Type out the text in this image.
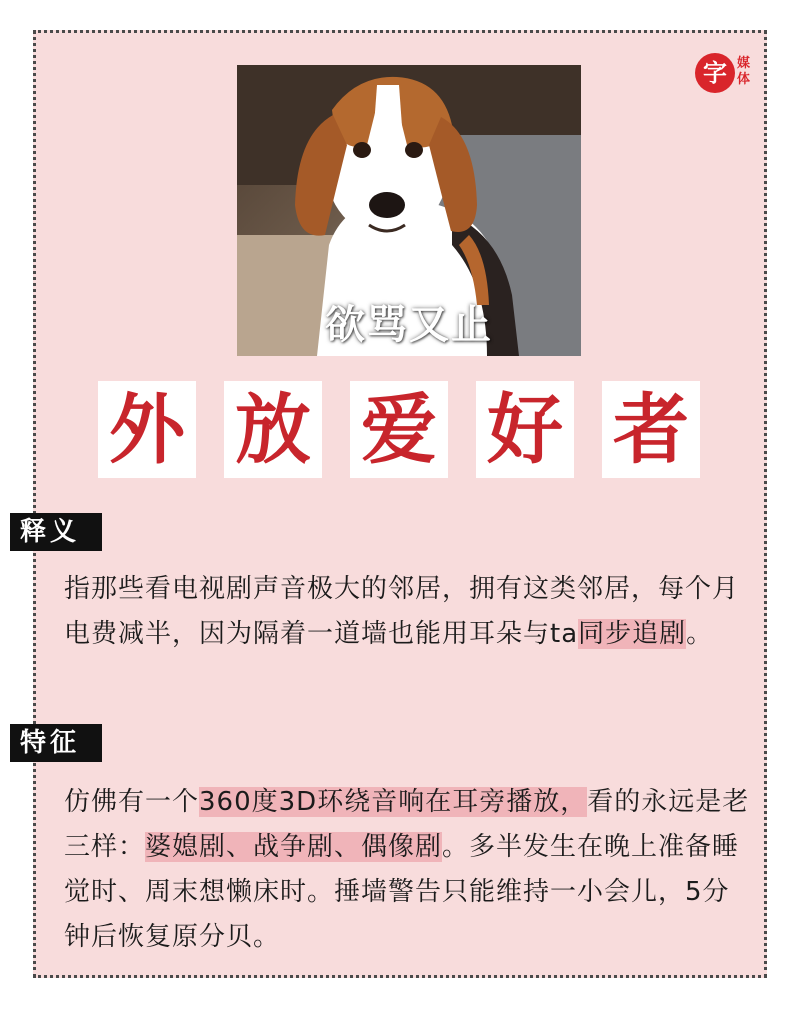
字 媒体
欲骂又止
外 放 爱 好 者
释义
指那些看电视剧声音极大的邻居，拥有这类邻居，每个月电费减半，因为隔着一道墙也能用耳朵与ta同步追剧。
特征
仿佛有一个360度3D环绕音响在耳旁播放，看的永远是老三样：婆媳剧、战争剧、偶像剧。多半发生在晚上准备睡觉时、周末想懒床时。捶墙警告只能维持一小会儿，5分钟后恢复原分贝。
